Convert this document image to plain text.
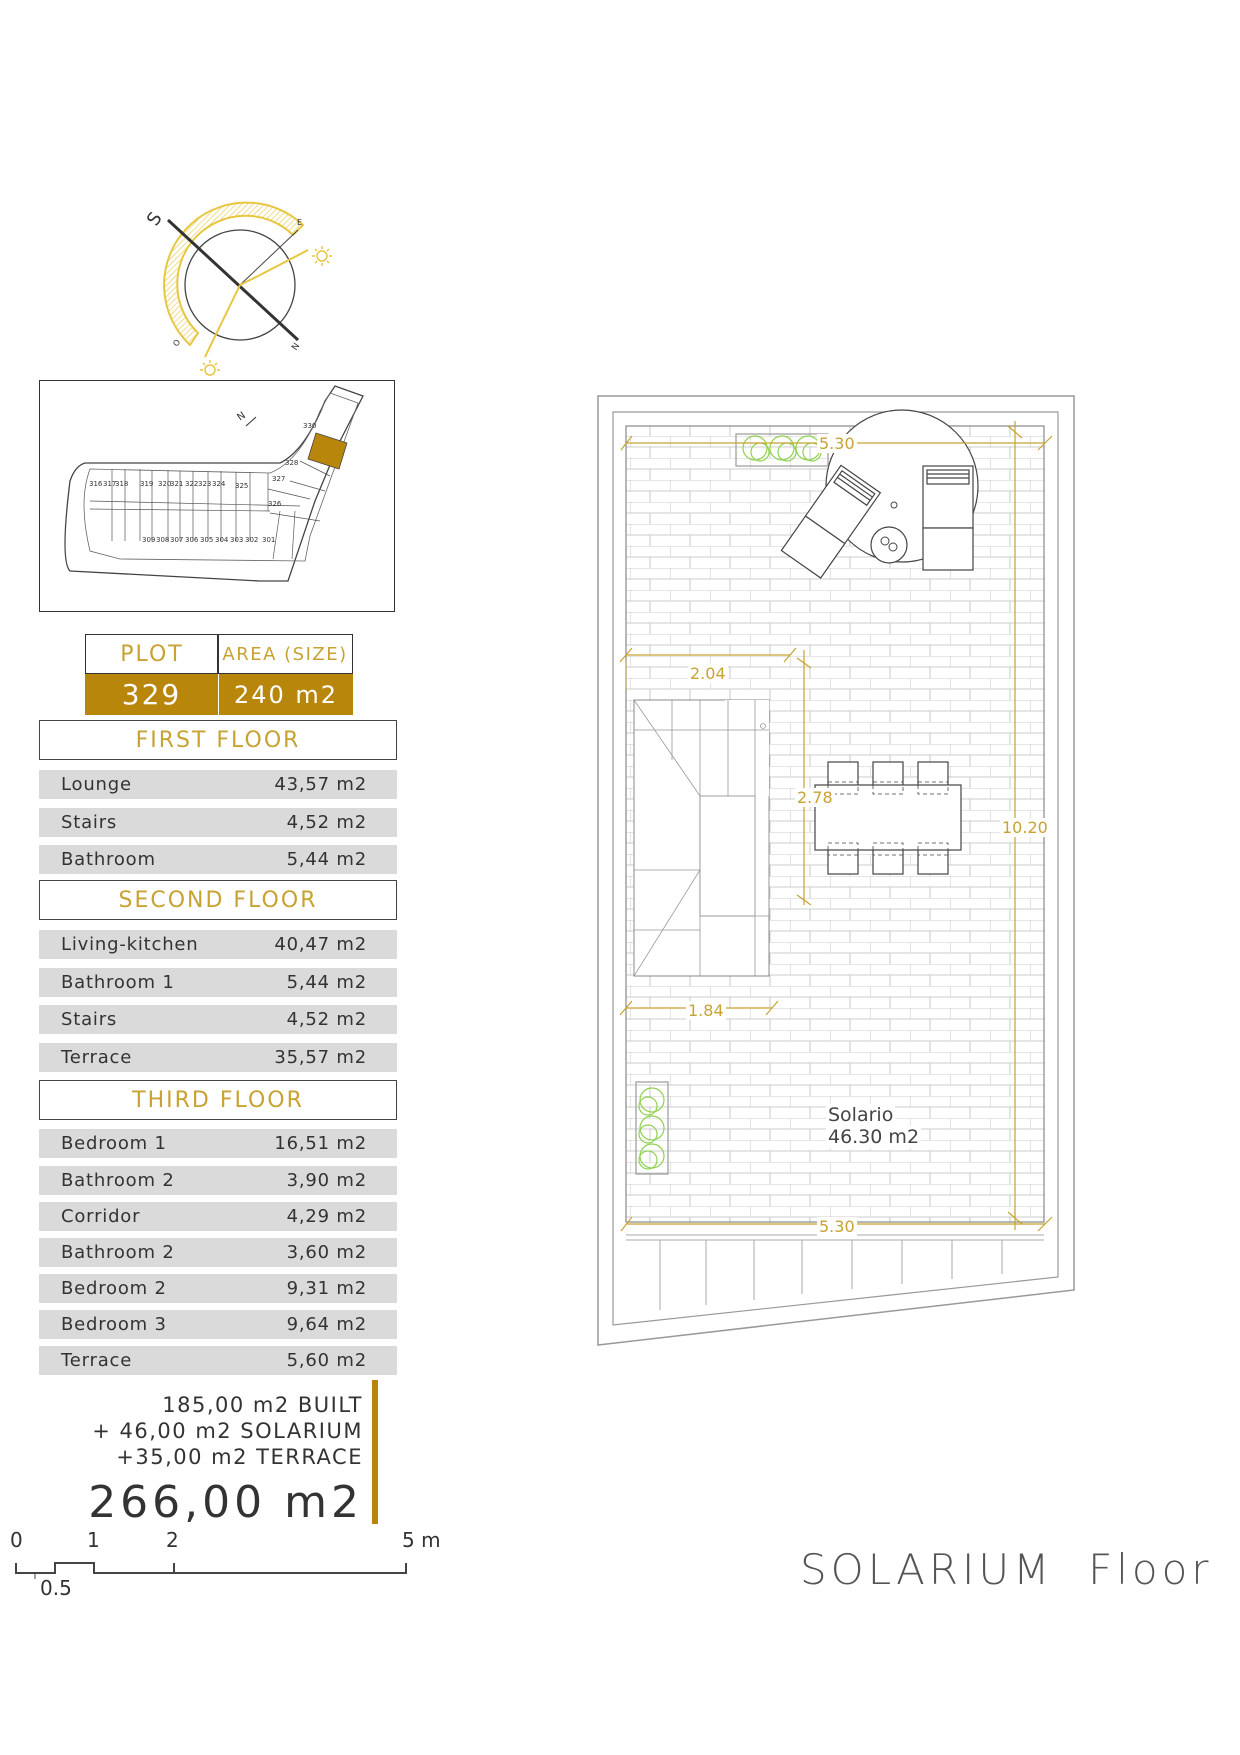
S
N
E
O
316 317
318 319 320
321 322 323 324 325
327
328
330
326
309 308 307 306 305 304 303 302 301
N
PLOT AREA (SIZE)
329	240 m2
FIRST FLOOR
Lounge	43,57 m2
Stairs	4,52 m2
Bathroom	5,44 m2
SECOND FLOOR
Living-kitchen	40,47 m2
Bathroom 1	5,44 m2
Stairs	4,52 m2
Terrace	35,57 m2
THIRD FLOOR
Bedroom 1	16,51 m2
Bathroom 2	3,90 m2
Corridor	4,29 m2
Bathroom 2	3,60 m2
Bedroom 2	9,31 m2
Bedroom 3	9,64 m2
Terrace	5,60 m2
185,00 m2 BUILT
+ 46,00 m2 SOLARIUM
+35,00 m2 TERRACE
266,00 m2
0	1	2	5 m
0.5
5.30
5.30
10.20
2.04
1.84
2.78
Solario
46.30 m2
SOLARIUM  Floor
